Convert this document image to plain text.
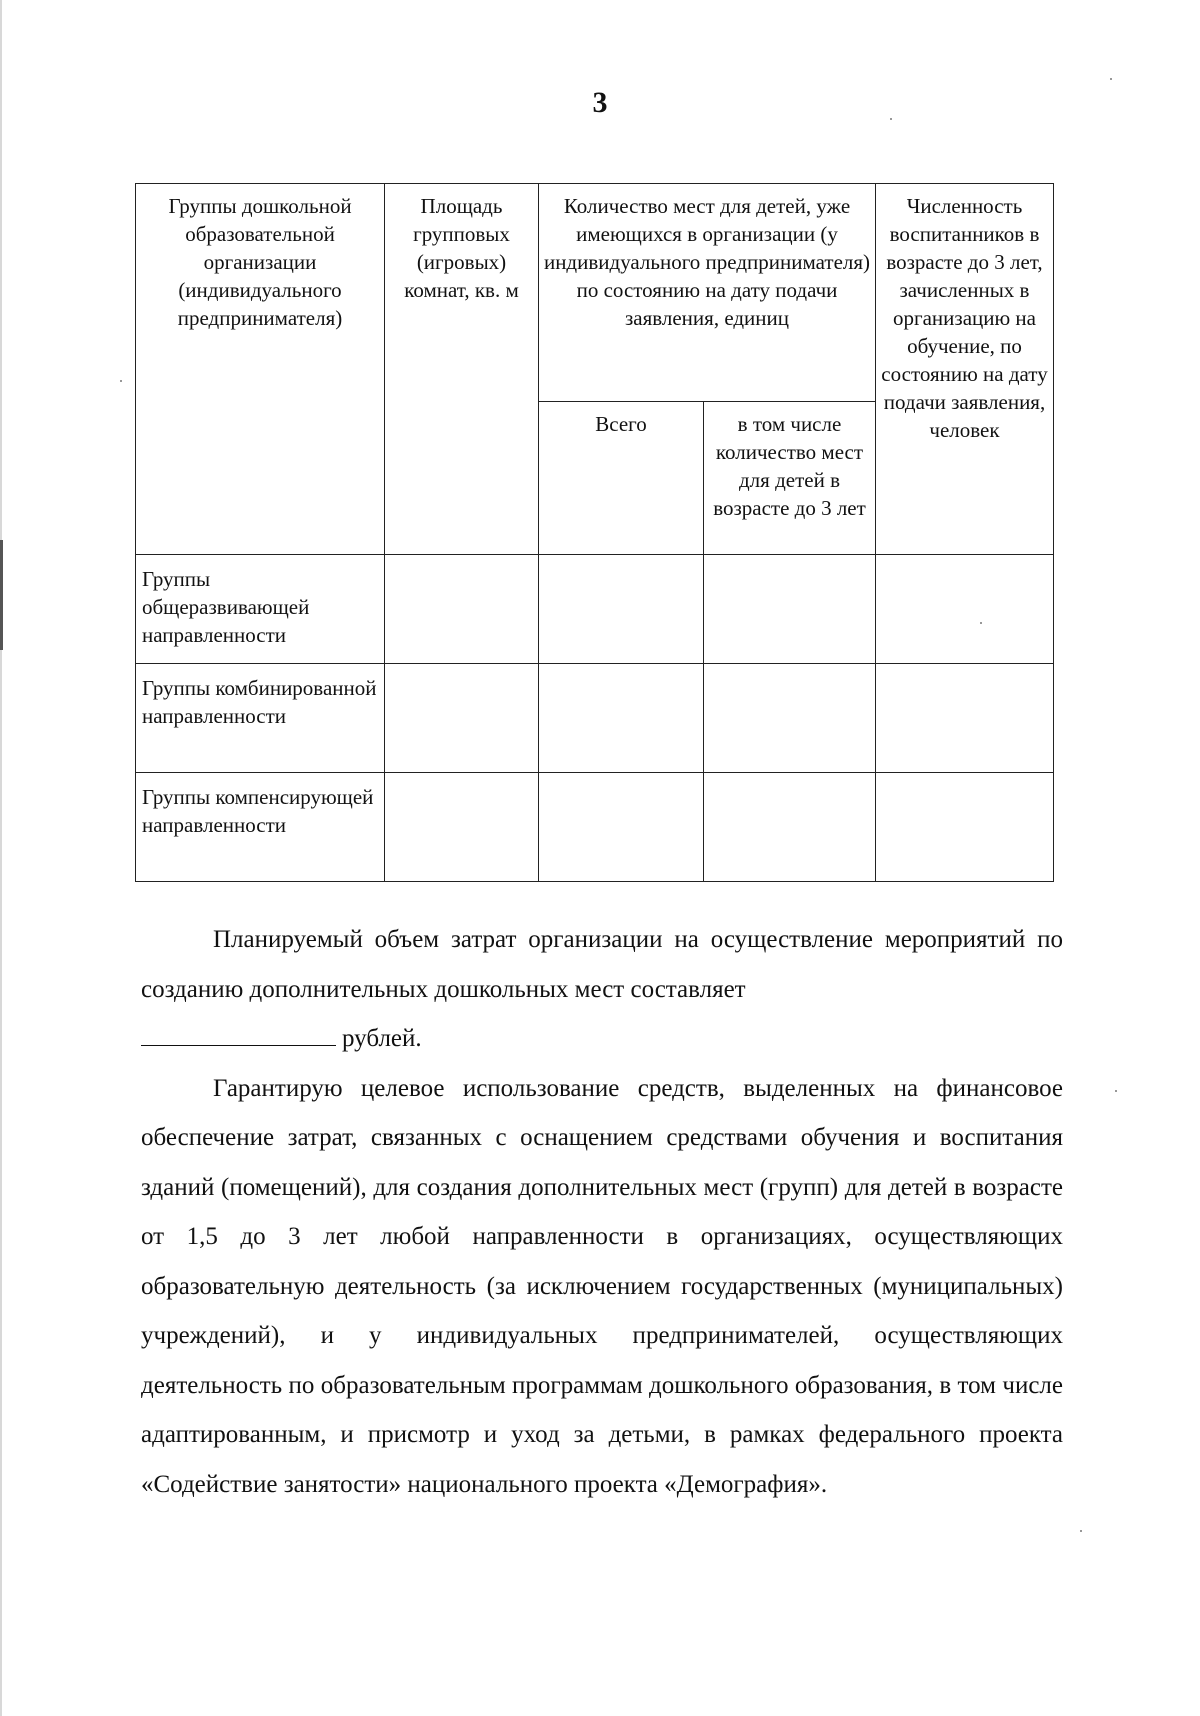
3
Группы дошкольной образовательной организации (индивидуального предпринимателя)	Площадь групповых (игровых) комнат, кв. м	Количество мест для детей, уже имеющихся в организации (у индивидуального предпринимателя) по состоянию на дату подачи заявления, единиц		Численность воспитанников в возрасте до 3 лет, зачисленных в организацию на обучение, по состоянию на дату подачи заявления, человек
		Всего	в том числе количество мест для детей в возрасте до 3 лет	
Группы общеразвивающей направленности				
Группы комбинированной направленности				
Группы компенсирующей направленности				

Планируемый объем затрат организации на осуществление мероприятий по созданию дополнительных дошкольных мест составляет
рублей.

Гарантирую целевое использование средств, выделенных на финансовое обеспечение затрат, связанных с оснащением средствами обучения и воспитания зданий (помещений), для создания дополнительных мест (групп) для детей в возрасте от 1,5 до 3 лет любой направленности в организациях, осуществляющих образовательную деятельность (за исключением государственных (муниципальных) учреждений), и у индивидуальных предпринимателей, осуществляющих деятельность по образовательным программам дошкольного образования, в том числе адаптированным, и присмотр и уход за детьми, в рамках федерального проекта «Содействие занятости» национального проекта «Демография».
